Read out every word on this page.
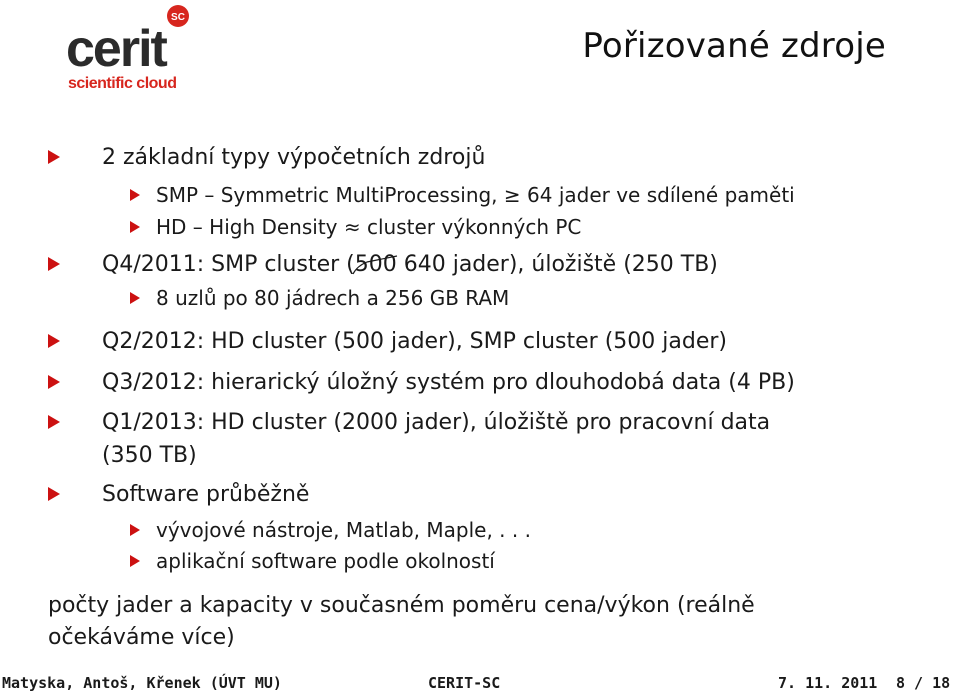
SC
cerit
scientific cloud
Pořizované zdroje
2 základní typy výpočetních zdrojů
SMP – Symmetric MultiProcessing, ≥ 64 jader ve sdílené paměti
HD – High Density ≈ cluster výkonných PC
Q4/2011: SMP cluster (500
640 jader), úložiště (250 TB)
8 uzlů po 80 jádrech a 256 GB RAM
Q2/2012: HD cluster (500 jader), SMP cluster (500 jader)
Q3/2012: hierarický úložný systém pro dlouhodobá data (4 PB)
Q1/2013: HD cluster (2000 jader), úložiště pro pracovní data
(350 TB)
Software průběžně
vývojové nástroje, Matlab, Maple, . . .
aplikační software podle okolností
počty jader a kapacity v současném poměru cena/výkon (reálně
očekáváme více)
Matyska, Antoš, Křenek (ÚVT MU)	CERIT-SC	7. 11. 2011 8 / 18
